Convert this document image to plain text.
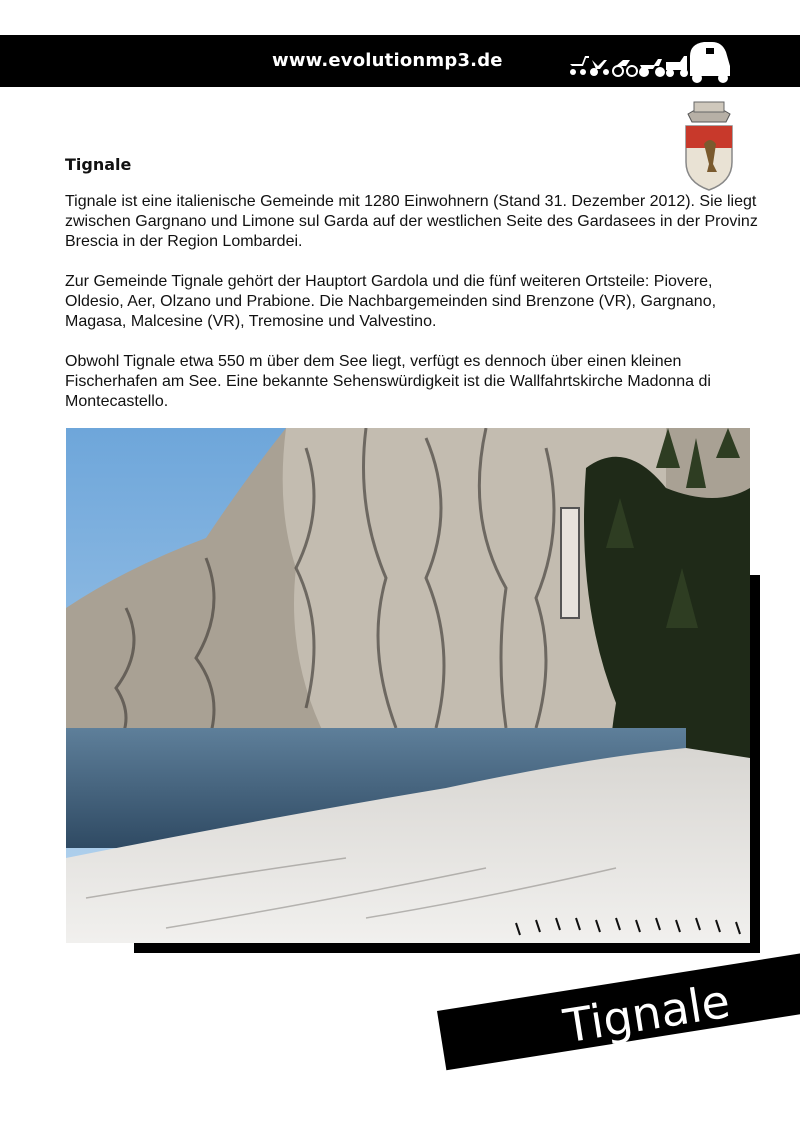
www.evolutionmp3.de
Tignale

Tignale ist eine italienische Gemeinde mit 1280 Einwohnern (Stand 31. Dezember 2012). Sie liegt zwischen Gargnano und Limone sul Garda auf der westlichen Seite des Gardasees in der Provinz Brescia in der Region Lombardei.

Zur Gemeinde Tignale gehört der Hauptort Gardola und die fünf weiteren Ortsteile: Piovere, Oldesio, Aer, Olzano und Prabione. Die Nachbargemeinden sind Brenzone (VR), Gargnano, Magasa, Malcesine (VR), Tremosine und Valvestino.

Obwohl Tignale etwa 550 m über dem See liegt, verfügt es dennoch über einen kleinen Fischerhafen am See. Eine bekannte Sehenswürdigkeit ist die Wallfahrtskirche Madonna di Montecastello.

Tignale
